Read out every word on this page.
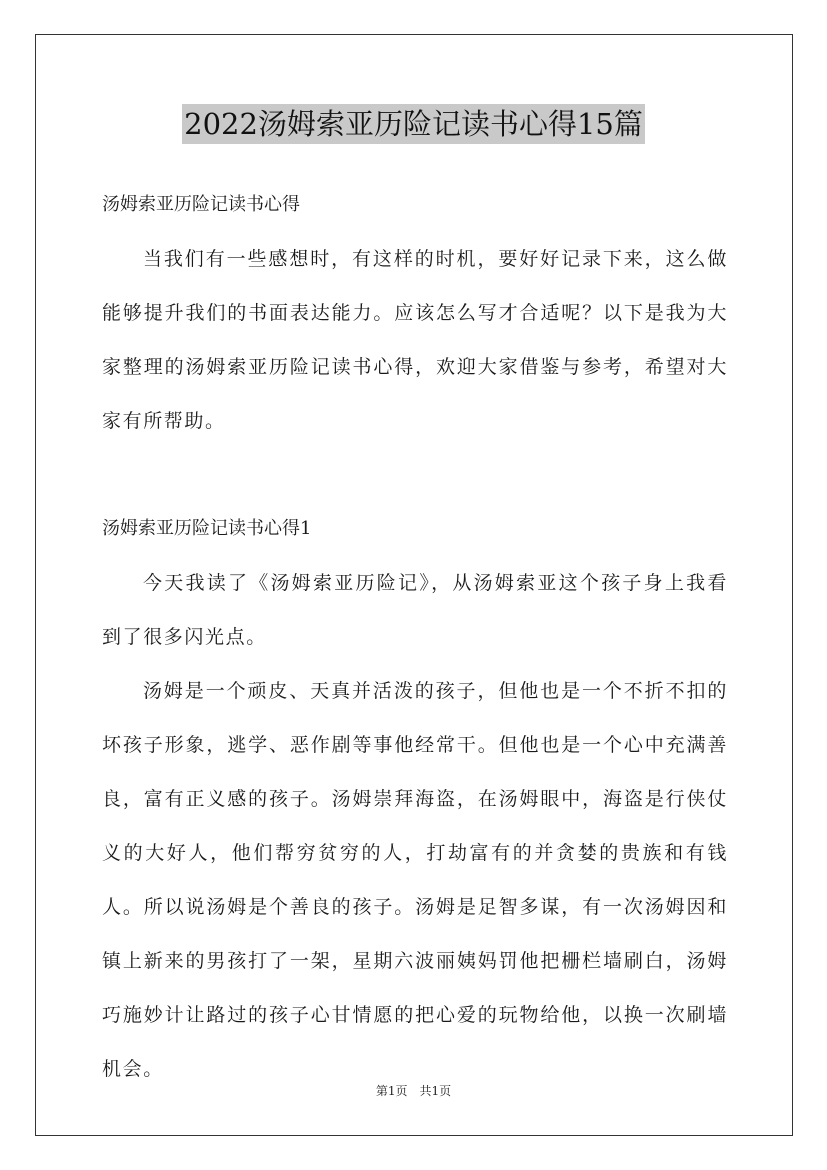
2022汤姆索亚历险记读书心得15篇

汤姆索亚历险记读书心得

当我们有一些感想时，有这样的时机，要好好记录下来，这么做能够提升我们的书面表达能力。应该怎么写才合适呢？以下是我为大家整理的汤姆索亚历险记读书心得，欢迎大家借鉴与参考，希望对大家有所帮助。

汤姆索亚历险记读书心得1

今天我读了《汤姆索亚历险记》，从汤姆索亚这个孩子身上我看到了很多闪光点。

汤姆是一个顽皮、天真并活泼的孩子，但他也是一个不折不扣的坏孩子形象，逃学、恶作剧等事他经常干。但他也是一个心中充满善良，富有正义感的孩子。汤姆崇拜海盗，在汤姆眼中，海盗是行侠仗义的大好人，他们帮穷贫穷的人，打劫富有的并贪婪的贵族和有钱人。所以说汤姆是个善良的孩子。汤姆是足智多谋，有一次汤姆因和镇上新来的男孩打了一架，星期六波丽姨妈罚他把栅栏墙刷白，汤姆巧施妙计让路过的孩子心甘情愿的把心爱的玩物给他，以换一次刷墙机会。

第1页 共1页
